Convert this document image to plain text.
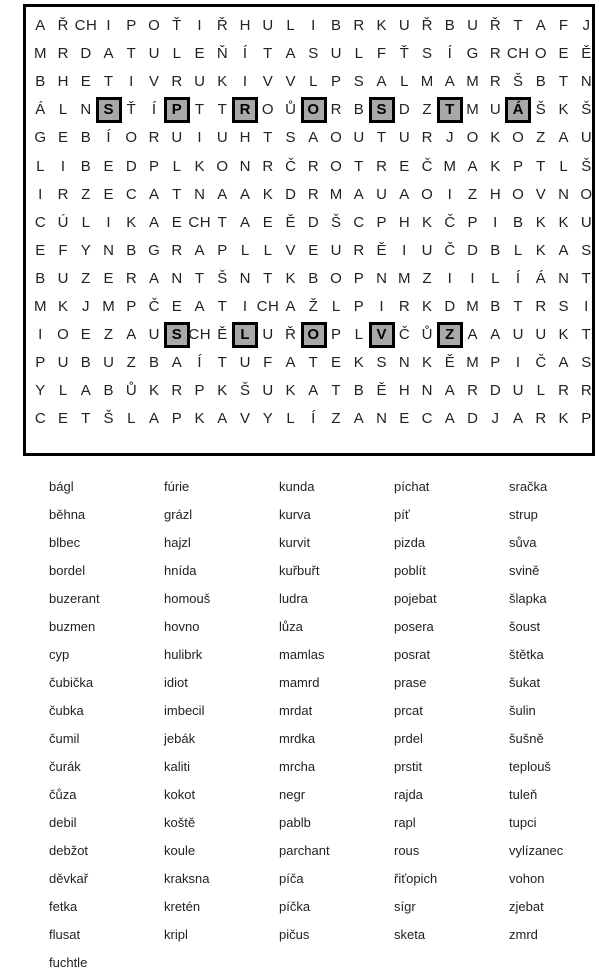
A Ř CH I	P O Ť	I Ř H U L	I	B R K U Ř B U Ř T A F J
M R D A T U L E Ň Í	T A S U L F Ť S	Í G R CH O E Ě
B H E T	I	V R U K	I	V V L P S A L M A M R Š B T N
Á L N S Ť	Í	P T T R O Ů O R B S D Z T M U Á Š K Š
G E B	Í O R U I U H T S A O U T U R J O K O Z A U
L	I	B E D P L K O N R Č R O T R E Č M A K P T L Š
I R Z E C A T N A A K D R M A U A O I	Z H O V N O
C Ú L	I	K A E CH T A E Ě D Š C P H K Č P	I	B K K U
E F Y N B G R A P L L V E U R Ě	I U Č D B L K A S
B U Z E R A N T Š N T K B O P N M Z	I	I	L	Í	Á N T
M K J M P Č E A T	I CH A Ž L P	I R K D M B T R S	I
I O E Z A U S CH Ě L U Ř O P L V Č Ů Z A A U U K T
P U B U Z B A	Í	T U F A T E K S N K Ě M P	I Č A S
Y L A B Ů K R P K Š U K A T B Ě H N A R D U L R R
C E T Š L A P K A V Y L	Í	Z A N E C A D J A R K P
bágl
běhna
blbec
bordel
buzerant
buzmen
cyp
čubička
čubka
čumil
čurák
čůza
debil
debžot
děvkař
fetka
flusat
fuchtle
fúrie
grázl
hajzl
hnída
homouš
hovno
hulibrk
idiot
imbecil
jebák
kaliti
kokot
koště
koule
kraksna
kretén
kripl
kunda
kurva
kurvit
kuřbuřt
ludra
lůza
mamlas
mamrd
mrdat
mrdka
mrcha
negr
pablb
parchant
píča
píčka
pičus
píchat
píť
pizda
poblít
pojebat
posera
posrat
prase
prcat
prdel
prstit
rajda
rapl
rous
řiťopich
sígr
sketa
sračka
strup
sůva
svině
šlapka
šoust
štětka
šukat
šulin
šušně
teplouš
tuleň
tupci
vylízanec
vohon
zjebat
zmrd
